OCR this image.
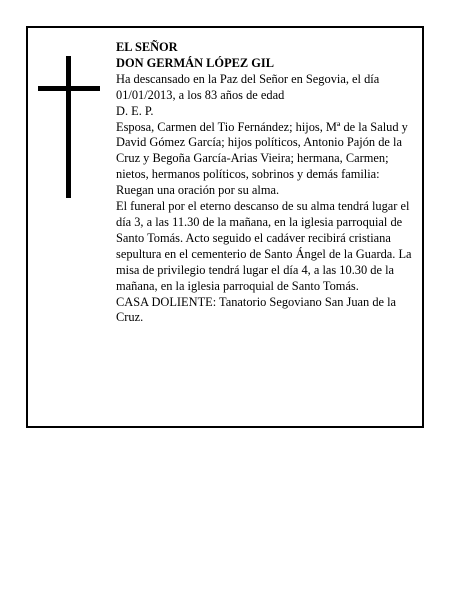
EL SEÑOR

DON GERMÁN LÓPEZ GIL

Ha descansado en la Paz del Señor en Segovia, el día 01/01/2013, a los 83 años de edad

D. E. P.

Esposa, Carmen del Tio Fernández; hijos, Mª de la Salud y David Gómez García; hijos políticos, Antonio Pajón de la Cruz y Begoña García-Arias Vieira; hermana, Carmen; nietos, hermanos políticos, sobrinos y demás familia:

Ruegan una oración por su alma.

El funeral por el eterno descanso de su alma tendrá lugar el día 3, a las 11.30 de la mañana, en la iglesia parroquial de Santo Tomás. Acto seguido el cadáver recibirá cristiana sepultura en el cementerio de Santo Ángel de la Guarda. La misa de privilegio tendrá lugar el día 4, a las 10.30 de la mañana, en la iglesia parroquial de Santo Tomás.

CASA DOLIENTE: Tanatorio Segoviano San Juan de la Cruz.
